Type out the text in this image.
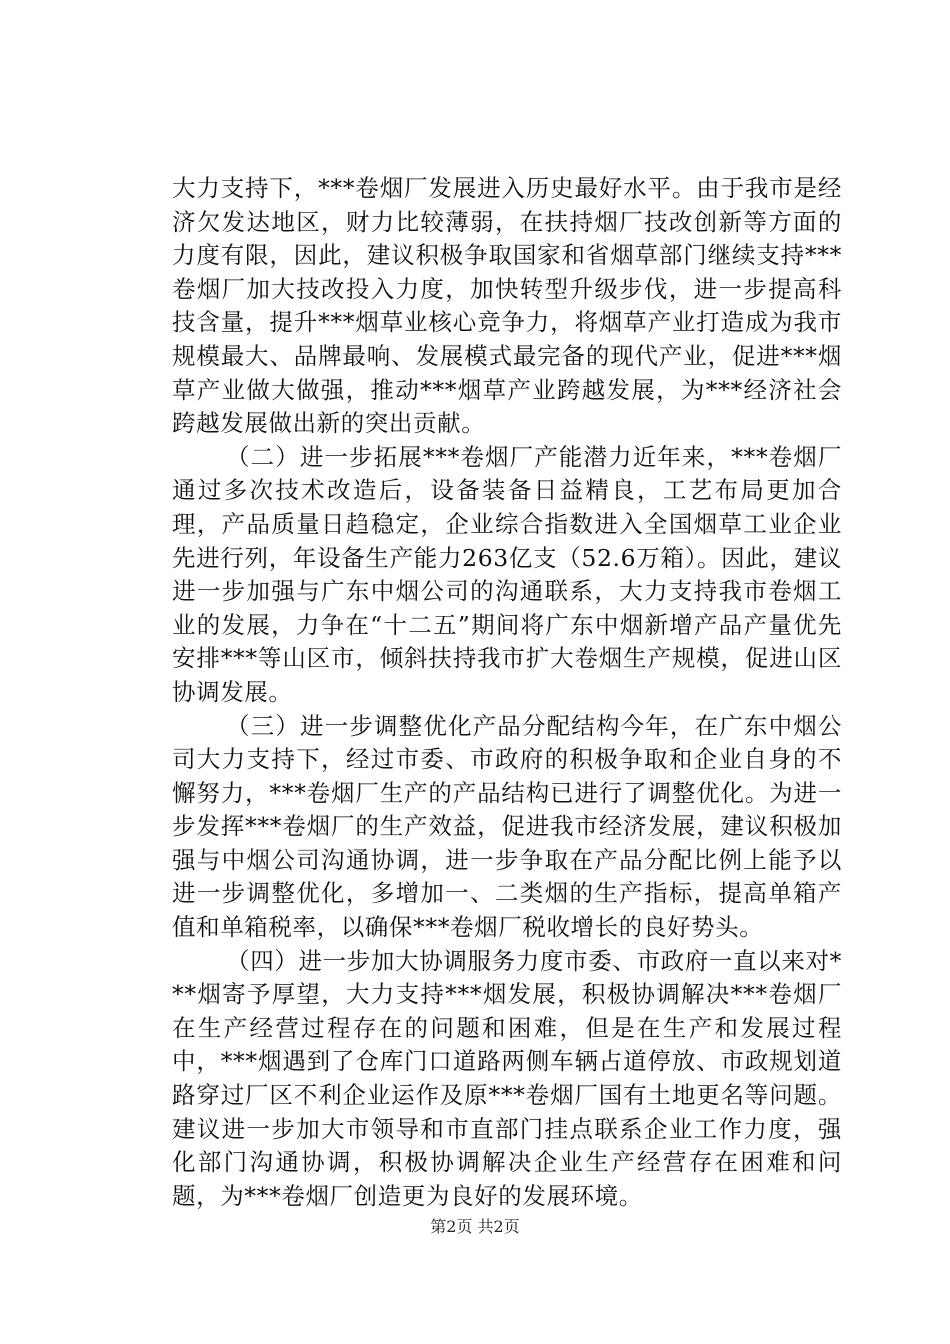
大力支持下，***卷烟厂发展进入历史最好水平。由于我市是经济欠发达地区，财力比较薄弱，在扶持烟厂技改创新等方面的力度有限，因此，建议积极争取国家和省烟草部门继续支持***卷烟厂加大技改投入力度，加快转型升级步伐，进一步提高科技含量，提升***烟草业核心竞争力，将烟草产业打造成为我市规模最大、品牌最响、发展模式最完备的现代产业，促进***烟草产业做大做强，推动***烟草产业跨越发展，为***经济社会跨越发展做出新的突出贡献。

（二）进一步拓展***卷烟厂产能潜力近年来，***卷烟厂通过多次技术改造后，设备装备日益精良，工艺布局更加合理，产品质量日趋稳定，企业综合指数进入全国烟草工业企业先进行列，年设备生产能力263亿支（52.6万箱）。因此，建议进一步加强与广东中烟公司的沟通联系，大力支持我市卷烟工业的发展，力争在“十二五”期间将广东中烟新增产品产量优先安排***等山区市，倾斜扶持我市扩大卷烟生产规模，促进山区协调发展。

（三）进一步调整优化产品分配结构今年，在广东中烟公司大力支持下，经过市委、市政府的积极争取和企业自身的不懈努力，***卷烟厂生产的产品结构已进行了调整优化。为进一步发挥***卷烟厂的生产效益，促进我市经济发展，建议积极加强与中烟公司沟通协调，进一步争取在产品分配比例上能予以进一步调整优化，多增加一、二类烟的生产指标，提高单箱产值和单箱税率，以确保***卷烟厂税收增长的良好势头。

（四）进一步加大协调服务力度市委、市政府一直以来对***烟寄予厚望，大力支持***烟发展，积极协调解决***卷烟厂在生产经营过程存在的问题和困难，但是在生产和发展过程中，***烟遇到了仓库门口道路两侧车辆占道停放、市政规划道路穿过厂区不利企业运作及原***卷烟厂国有土地更名等问题。建议进一步加大市领导和市直部门挂点联系企业工作力度，强化部门沟通协调，积极协调解决企业生产经营存在困难和问题，为***卷烟厂创造更为良好的发展环境。

第2页 共2页
